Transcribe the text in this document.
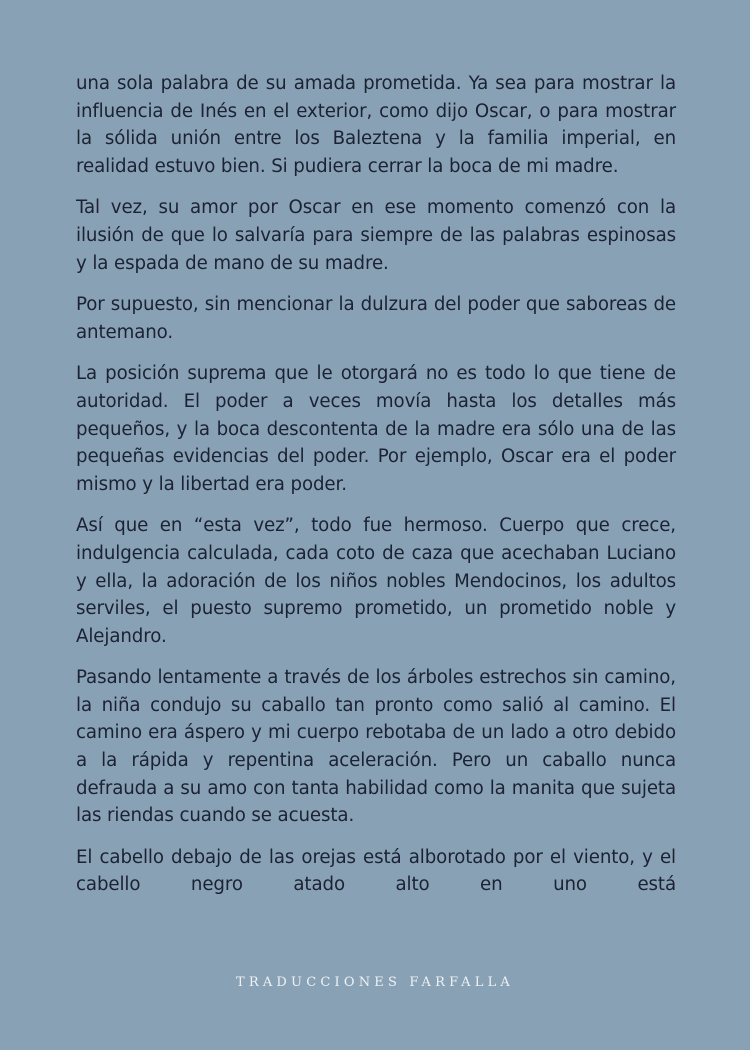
una sola palabra de su amada prometida. Ya sea para mostrar la influencia de Inés en el exterior, como dijo Oscar, o para mostrar la sólida unión entre los Baleztena y la familia imperial, en realidad estuvo bien. Si pudiera cerrar la boca de mi madre.

Tal vez, su amor por Oscar en ese momento comenzó con la ilusión de que lo salvaría para siempre de las palabras espinosas y la espada de mano de su madre.

Por supuesto, sin mencionar la dulzura del poder que saboreas de antemano.

La posición suprema que le otorgará no es todo lo que tiene de autoridad. El poder a veces movía hasta los detalles más pequeños, y la boca descontenta de la madre era sólo una de las pequeñas evidencias del poder. Por ejemplo, Oscar era el poder mismo y la libertad era poder.

Así que en “esta vez”, todo fue hermoso. Cuerpo que crece, indulgencia calculada, cada coto de caza que acechaban Luciano y ella, la adoración de los niños nobles Mendocinos, los adultos serviles, el puesto supremo prometido, un prometido noble y Alejandro.

Pasando lentamente a través de los árboles estrechos sin camino, la niña condujo su caballo tan pronto como salió al camino. El camino era áspero y mi cuerpo rebotaba de un lado a otro debido a la rápida y repentina aceleración. Pero un caballo nunca defrauda a su amo con tanta habilidad como la manita que sujeta las riendas cuando se acuesta.

El cabello debajo de las orejas está alborotado por el viento, y el cabello negro atado alto en uno está

TRADUCCIONES FARFALLA
